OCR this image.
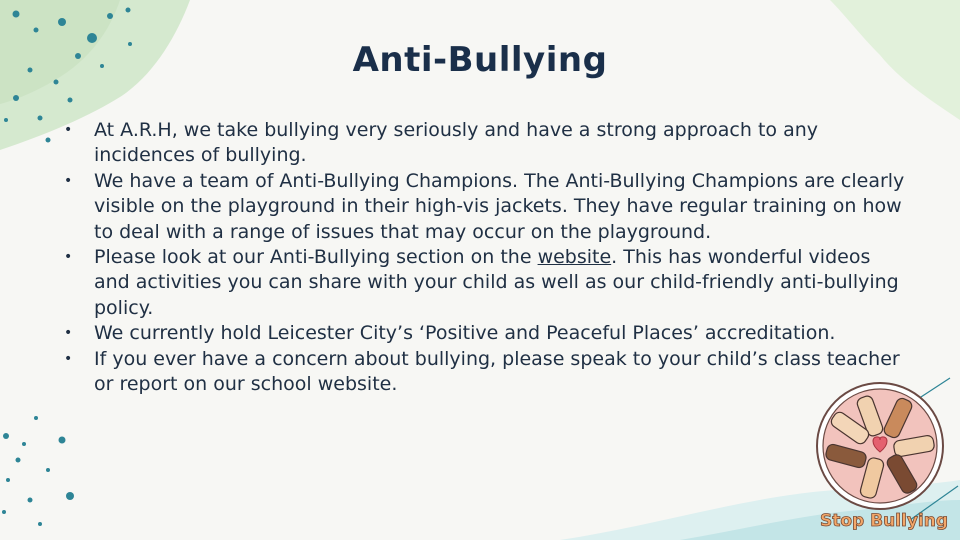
Anti-Bullying
• At A.R.H, we take bullying very seriously and have a strong approach to any incidences of bullying.
• We have a team of Anti-Bullying Champions. The Anti-Bullying Champions are clearly visible on the playground in their high-vis jackets. They have regular training on how to deal with a range of issues that may occur on the playground.
• Please look at our Anti-Bullying section on the website. This has wonderful videos and activities you can share with your child as well as our child-friendly anti-bullying policy.
• We currently hold Leicester City’s ‘Positive and Peaceful Places’ accreditation.
• If you ever have a concern about bullying, please speak to your child’s class teacher or report on our school website.
Stop Bullying
